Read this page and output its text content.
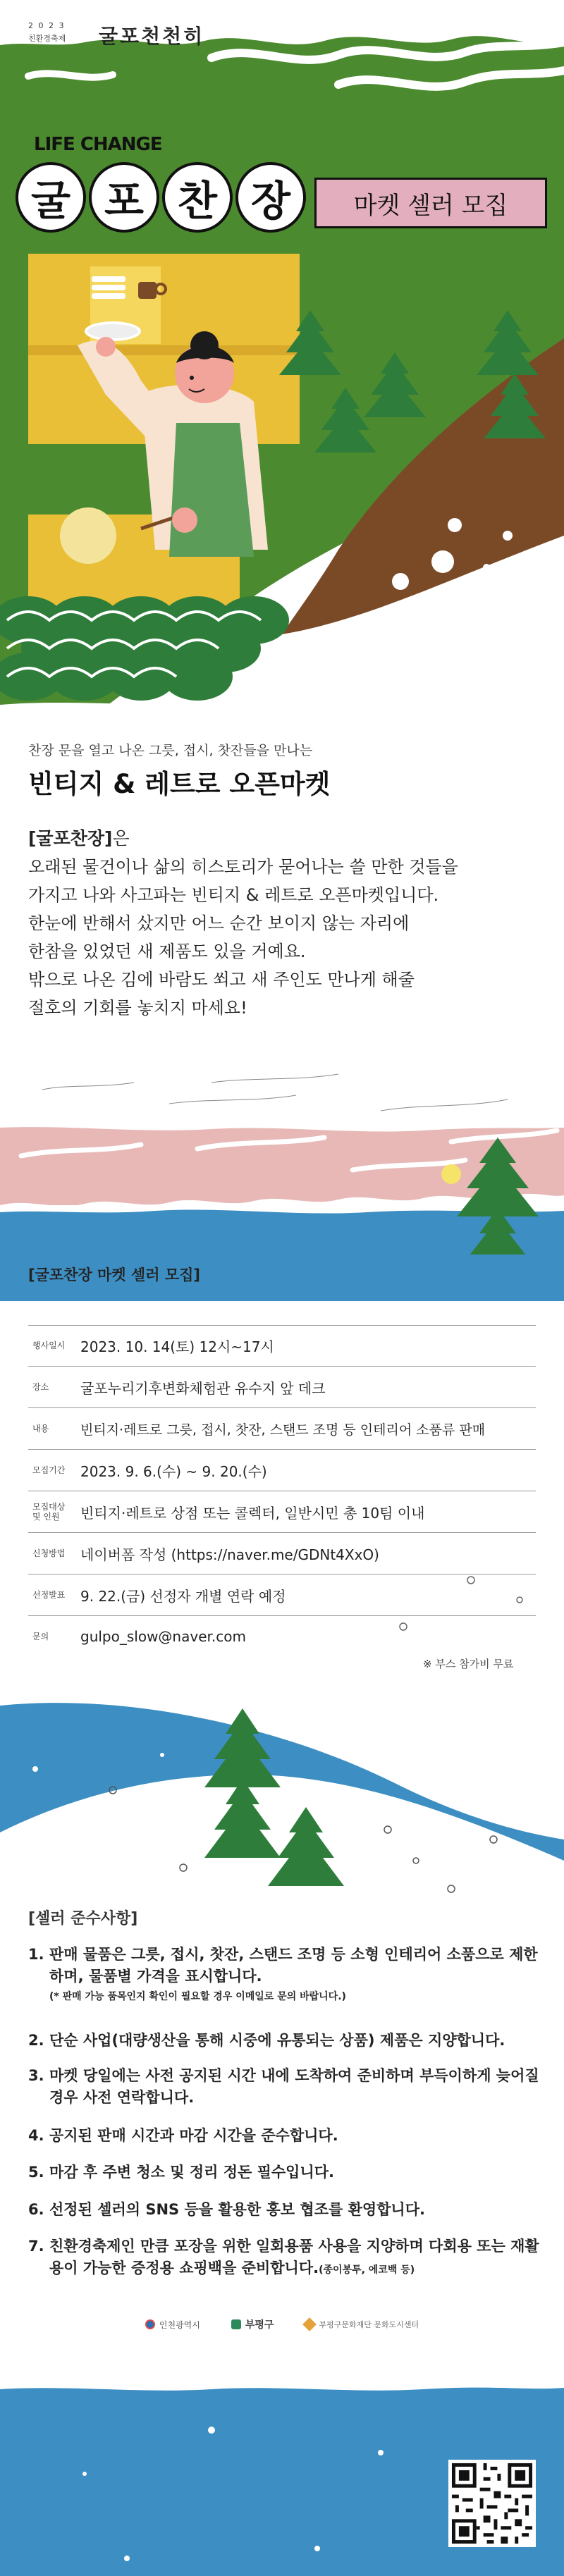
2 0 2 3
친환경축제 굴포천천히
LIFE CHANGE
굴 포 찬 장	마켓 셀러 모집
찬장 문을 열고 나온 그릇, 접시, 찻잔들을 만나는
빈티지 & 레트로 오픈마켓
[굴포찬장]은
오래된 물건이나 삶의 히스토리가 묻어나는 쓸 만한 것들을
가지고 나와 사고파는 빈티지 & 레트로 오픈마켓입니다.
한눈에 반해서 샀지만 어느 순간 보이지 않는 자리에
한참을 있었던 새 제품도 있을 거예요.
밖으로 나온 김에 바람도 쐬고 새 주인도 만나게 해줄
절호의 기회를 놓치지 마세요!
[굴포찬장 마켓 셀러 모집]
행사일시	2023. 10. 14(토) 12시~17시
장소	굴포누리기후변화체험관 유수지 앞 데크
내용	빈티지·레트로 그릇, 접시, 찻잔, 스탠드 조명 등 인테리어 소품류 판매
모집기간	2023. 9. 6.(수) ~ 9. 20.(수)
모집대상
및 인원	빈티지·레트로 상점 또는 콜렉터, 일반시민 총 10팀 이내
신청방법	네이버폼 작성 (https://naver.me/GDNt4XxO)
선정발표	9. 22.(금) 선정자 개별 연락 예정
문의	gulpo_slow@naver.com
※ 부스 참가비 무료
[셀러 준수사항]
1. 판매 물품은 그릇, 접시, 찻잔, 스탠드 조명 등 소형 인테리어 소품으로 제한하며, 물품별 가격을 표시합니다.
(* 판매 가능 품목인지 확인이 필요할 경우 이메일로 문의 바랍니다.)
2. 단순 사업(대량생산을 통해 시중에 유통되는 상품) 제품은 지양합니다.
3. 마켓 당일에는 사전 공지된 시간 내에 도착하여 준비하며 부득이하게 늦어질 경우 사전 연락합니다.
4. 공지된 판매 시간과 마감 시간을 준수합니다.
5. 마감 후 주변 청소 및 정리 정돈 필수입니다.
6. 선정된 셀러의 SNS 등을 활용한 홍보 협조를 환영합니다.
7. 친환경축제인 만큼 포장을 위한 일회용품 사용을 지양하며 다회용 또는 재활용이 가능한 증정용 쇼핑백을 준비합니다.(종이봉투, 에코백 등)
인천광역시	부평구	부평구문화재단 문화도시센터
